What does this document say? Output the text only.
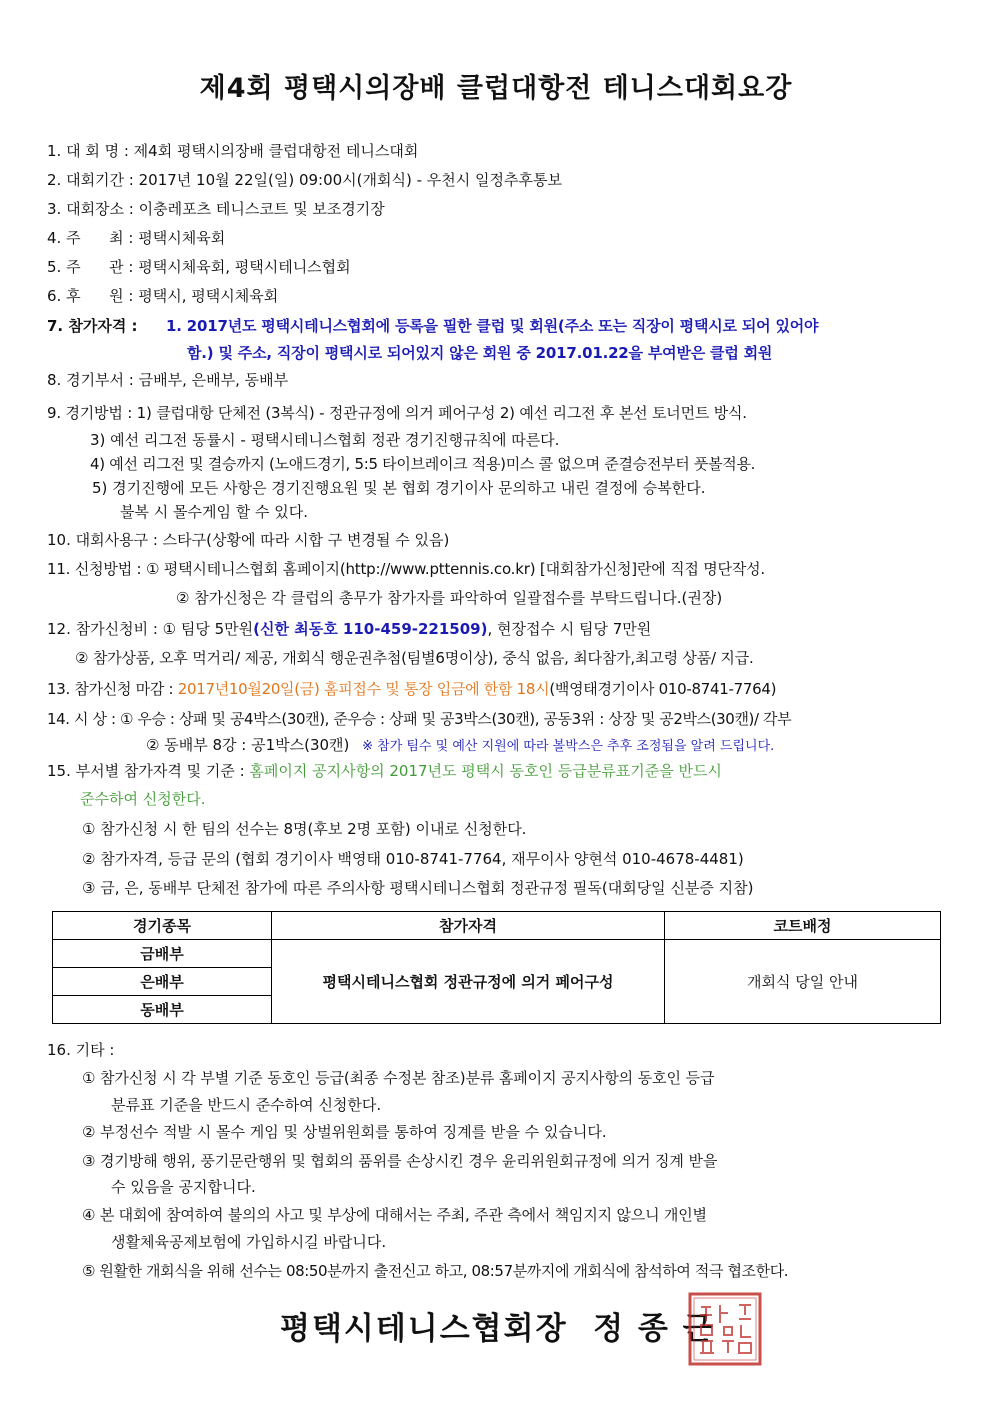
제4회 평택시의장배 클럽대항전 테니스대회요강
1. 대 회 명 : 제4회 평택시의장배 클럽대항전 테니스대회
2. 대회기간 : 2017년 10월 22일(일) 09:00시(개회식) - 우천시 일정추후통보
3. 대회장소 : 이충레포츠 테니스코트 및 보조경기장
4. 주      최 : 평택시체육회
5. 주      관 : 평택시체육회, 평택시테니스협회
6. 후      원 : 평택시, 평택시체육회
7. 참가자격 : 1. 2017년도 평택시테니스협회에 등록을 필한 클럽 및 회원(주소 또는 직장이 평택시로 되어 있어야
함.) 및 주소, 직장이 평택시로 되어있지 않은 회원 중 2017.01.22을 부여받은 클럽 회원
8. 경기부서 : 금배부, 은배부, 동배부
9. 경기방법 : 1) 클럽대항 단체전 (3복식) - 정관규정에 의거 페어구성 2) 예선 리그전 후 본선 토너먼트 방식.
3) 예선 리그전 동률시 - 평택시테니스협회 정관 경기진행규칙에 따른다.
4) 예선 리그전 및 결승까지 (노애드경기, 5:5 타이브레이크 적용)미스 콜 없으며 준결승전부터 풋볼적용.
5) 경기진행에 모든 사항은 경기진행요원 및 본 협회 경기이사 문의하고 내린 결정에 승복한다.
불복 시 몰수게임 할 수 있다.
10. 대회사용구 : 스타구(상황에 따라 시합 구 변경될 수 있음)
11. 신청방법 : ① 평택시테니스협회 홈페이지(http://www.pttennis.co.kr) [대회참가신청]란에 직접 명단작성.
② 참가신청은 각 클럽의 총무가 참가자를 파악하여 일괄접수를 부탁드립니다.(권장)
12. 참가신청비 : ① 팀당 5만원(신한 최동호 110-459-221509), 현장접수 시 팀당 7만원
② 참가상품, 오후 먹거리/ 제공, 개회식 행운권추첨(팀별6명이상), 중식 없음, 최다참가,최고령 상품/ 지급.
13. 참가신청 마감 : 2017년10월20일(금) 홈피접수 및 통장 입금에 한함 18시(백영태경기이사 010-8741-7764)
14. 시 상 : ① 우승 : 상패 및 공4박스(30캔), 준우승 : 상패 및 공3박스(30캔), 공동3위 : 상장 및 공2박스(30캔)/ 각부
② 동배부 8강 : 공1박스(30캔) ※ 참가 팀수 및 예산 지원에 따라 볼박스은 추후 조정됨을 알려 드립니다.
15. 부서별 참가자격 및 기준 : 홈페이지 공지사항의 2017년도 평택시 동호인 등급분류표기준을 반드시
준수하여 신청한다.
① 참가신청 시 한 팀의 선수는 8명(후보 2명 포함) 이내로 신청한다.
② 참가자격, 등급 문의 (협회 경기이사 백영태 010-8741-7764, 재무이사 양현석 010-4678-4481)
③ 금, 은, 동배부 단체전 참가에 따른 주의사항 평택시테니스협회 정관규정 필독(대회당일 신분증 지참)
경기종목	참가자격	코트배정
금배부	평택시테니스협회 정관규정에 의거 페어구성	개회식 당일 안내
은배부		
동배부		
16. 기타 :
① 참가신청 시 각 부별 기준 동호인 등급(최종 수정본 참조)분류 홈페이지 공지사항의 동호인 등급
분류표 기준을 반드시 준수하여 신청한다.
② 부정선수 적발 시 몰수 게임 및 상벌위원회를 통하여 징계를 받을 수 있습니다.
③ 경기방해 행위, 풍기문란행위 및 협회의 품위를 손상시킨 경우 윤리위원회규정에 의거 징계 받을
수 있음을 공지합니다.
④ 본 대회에 참여하여 불의의 사고 및 부상에 대해서는 주최, 주관 측에서 책임지지 않으니 개인별
생활체육공제보험에 가입하시길 바랍니다.
⑤ 원활한 개회식을 위해 선수는 08:50분까지 출전신고 하고, 08:57분까지에 개회식에 참석하여 적극 협조한다.
평택시테니스협회장  정 종 근
